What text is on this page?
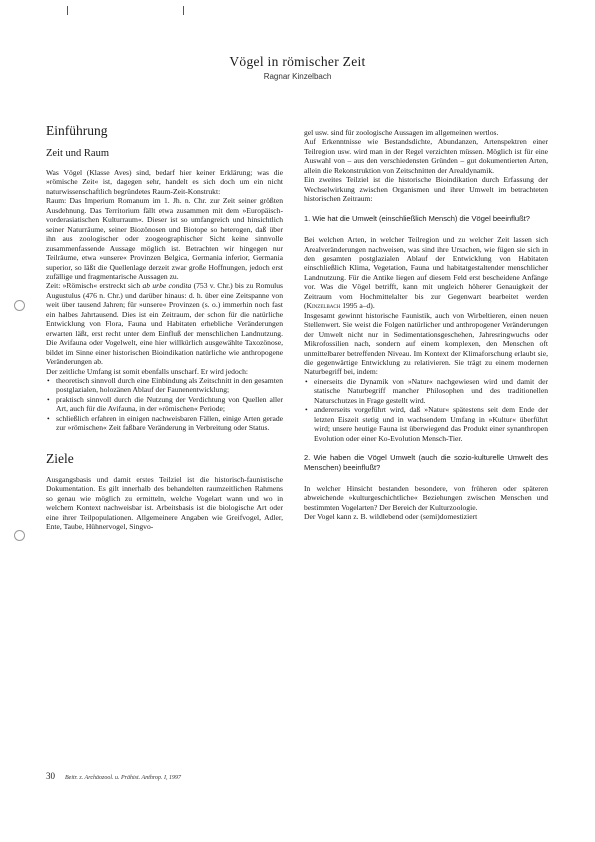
Vögel in römischer Zeit
Ragnar Kinzelbach
Einführung
Zeit und Raum

Was Vögel (Klasse Aves) sind, bedarf hier keiner Erklärung; was die »römische Zeit« ist, dagegen sehr, handelt es sich doch um ein nicht naturwissenschaftlich begründetes Raum-Zeit-Konstrukt:

Raum: Das Imperium Romanum im 1. Jh. n. Chr. zur Zeit seiner größten Ausdehnung. Das Territorium fällt etwa zusammen mit dem »Europäisch-vorderasiatischen Kulturraum«. Dieser ist so umfangreich und hinsichtlich seiner Naturräume, seiner Biozönosen und Biotope so heterogen, daß über ihn aus zoologischer oder zoogeographischer Sicht keine sinnvolle zusammenfassende Aussage möglich ist. Betrachten wir hingegen nur Teilräume, etwa »unsere« Provinzen Belgica, Germania inferior, Germania superior, so läßt die Quellenlage derzeit zwar große Hoffnungen, jedoch erst zufällige und fragmentarische Aussagen zu.

Zeit: »Römisch« erstreckt sich ab urbe condita (753 v. Chr.) bis zu Romulus Augustulus (476 n. Chr.) und darüber hinaus: d. h. über eine Zeitspanne von weit über tausend Jahren; für »unsere« Provinzen (s. o.) immerhin noch fast ein halbes Jahrtausend. Dies ist ein Zeitraum, der schon für die natürliche Entwicklung von Flora, Fauna und Habitaten erhebliche Veränderungen erwarten läßt, erst recht unter dem Einfluß der menschlichen Landnutzung. Die Avifauna oder Vogelwelt, eine hier willkürlich ausgewählte Taxozönose, bildet im Sinne einer historischen Bioindikation natürliche wie anthropogene Veränderungen ab.

Der zeitliche Umfang ist somit ebenfalls unscharf. Er wird jedoch:

• theoretisch sinnvoll durch eine Einbindung als Zeitschnitt in den gesamten postglazialen, holozänen Ablauf der Faunenentwicklung;
• praktisch sinnvoll durch die Nutzung der Verdichtung von Quellen aller Art, auch für die Avifauna, in der »römischen« Periode;
• schließlich erfahren in einigen nachweisbaren Fällen, einige Arten gerade zur »römischen« Zeit faßbare Veränderung in Verbreitung oder Status.
Ziele

Ausgangsbasis und damit erstes Teilziel ist die historisch-faunistische Dokumentation. Es gilt innerhalb des behandelten raumzeitlichen Rahmens so genau wie möglich zu ermitteln, welche Vogelart wann und wo in welchem Kontext nachweisbar ist. Arbeitsbasis ist die biologische Art oder eine ihrer Teilpopulationen. Allgemeinere Angaben wie Greifvogel, Adler, Ente, Taube, Hühnervogel, Singvo-

gel usw. sind für zoologische Aussagen im allgemeinen wertlos.

Auf Erkenntnisse wie Bestandsdichte, Abundanzen, Artenspektren einer Teilregion usw. wird man in der Regel verzichten müssen. Möglich ist für eine Auswahl von – aus den verschiedensten Gründen – gut dokumentierten Arten, allein die Rekonstruktion von Zeitschnitten der Arealdynamik.

Ein zweites Teilziel ist die historische Bioindikation durch Erfassung der Wechselwirkung zwischen Organismen und ihrer Umwelt im betrachteten historischen Zeitraum:

1. Wie hat die Umwelt (einschließlich Mensch) die Vögel beeinflußt?

Bei welchen Arten, in welcher Teilregion und zu welcher Zeit lassen sich Arealveränderungen nachweisen, was sind ihre Ursachen, wie fügen sie sich in den gesamten postglazialen Ablauf der Entwicklung von Habitaten einschließlich Klima, Vegetation, Fauna und habitatgestaltender menschlicher Landnutzung. Für die Antike liegen auf diesem Feld erst bescheidene Anfänge vor. Was die Vögel betrifft, kann mit ungleich höherer Genauigkeit der Zeitraum vom Hochmittelalter bis zur Gegenwart bearbeitet werden (Kinzelbach 1995 a–d).

Insgesamt gewinnt historische Faunistik, auch von Wirbeltieren, einen neuen Stellenwert. Sie weist die Folgen natürlicher und anthropogener Veränderungen der Umwelt nicht nur in Sedimentationsgeschehen, Jahresringwuchs oder Mikrofossilien nach, sondern auf einem komplexen, den Menschen oft unmittelbarer betreffenden Niveau. Im Kontext der Klimaforschung erlaubt sie, die gegenwärtige Entwicklung zu relativieren. Sie trägt zu einem modernen Naturbegriff bei, indem:

• einerseits die Dynamik von »Natur« nachgewiesen wird und damit der statische Naturbegriff mancher Philosophen und des traditionellen Naturschutzes in Frage gestellt wird.
• andererseits vorgeführt wird, daß »Natur« spätestens seit dem Ende der letzten Eiszeit stetig und in wachsendem Umfang in »Kultur« überführt wird; unsere heutige Fauna ist überwiegend das Produkt einer synanthropen Evolution oder einer Ko-Evolution Mensch-Tier.

2. Wie haben die Vögel Umwelt (auch die sozio-kulturelle Umwelt des Menschen) beeinflußt?

In welcher Hinsicht bestanden besondere, von früheren oder späteren abweichende »kulturgeschichtliche« Beziehungen zwischen Menschen und bestimmten Vogelarten? Der Bereich der Kulturzoologie.

Der Vogel kann z. B. wildlebend oder (semi)domestiziert

30 Beitr. z. Archäozool. u. Prähist. Anthrop. I, 1997
